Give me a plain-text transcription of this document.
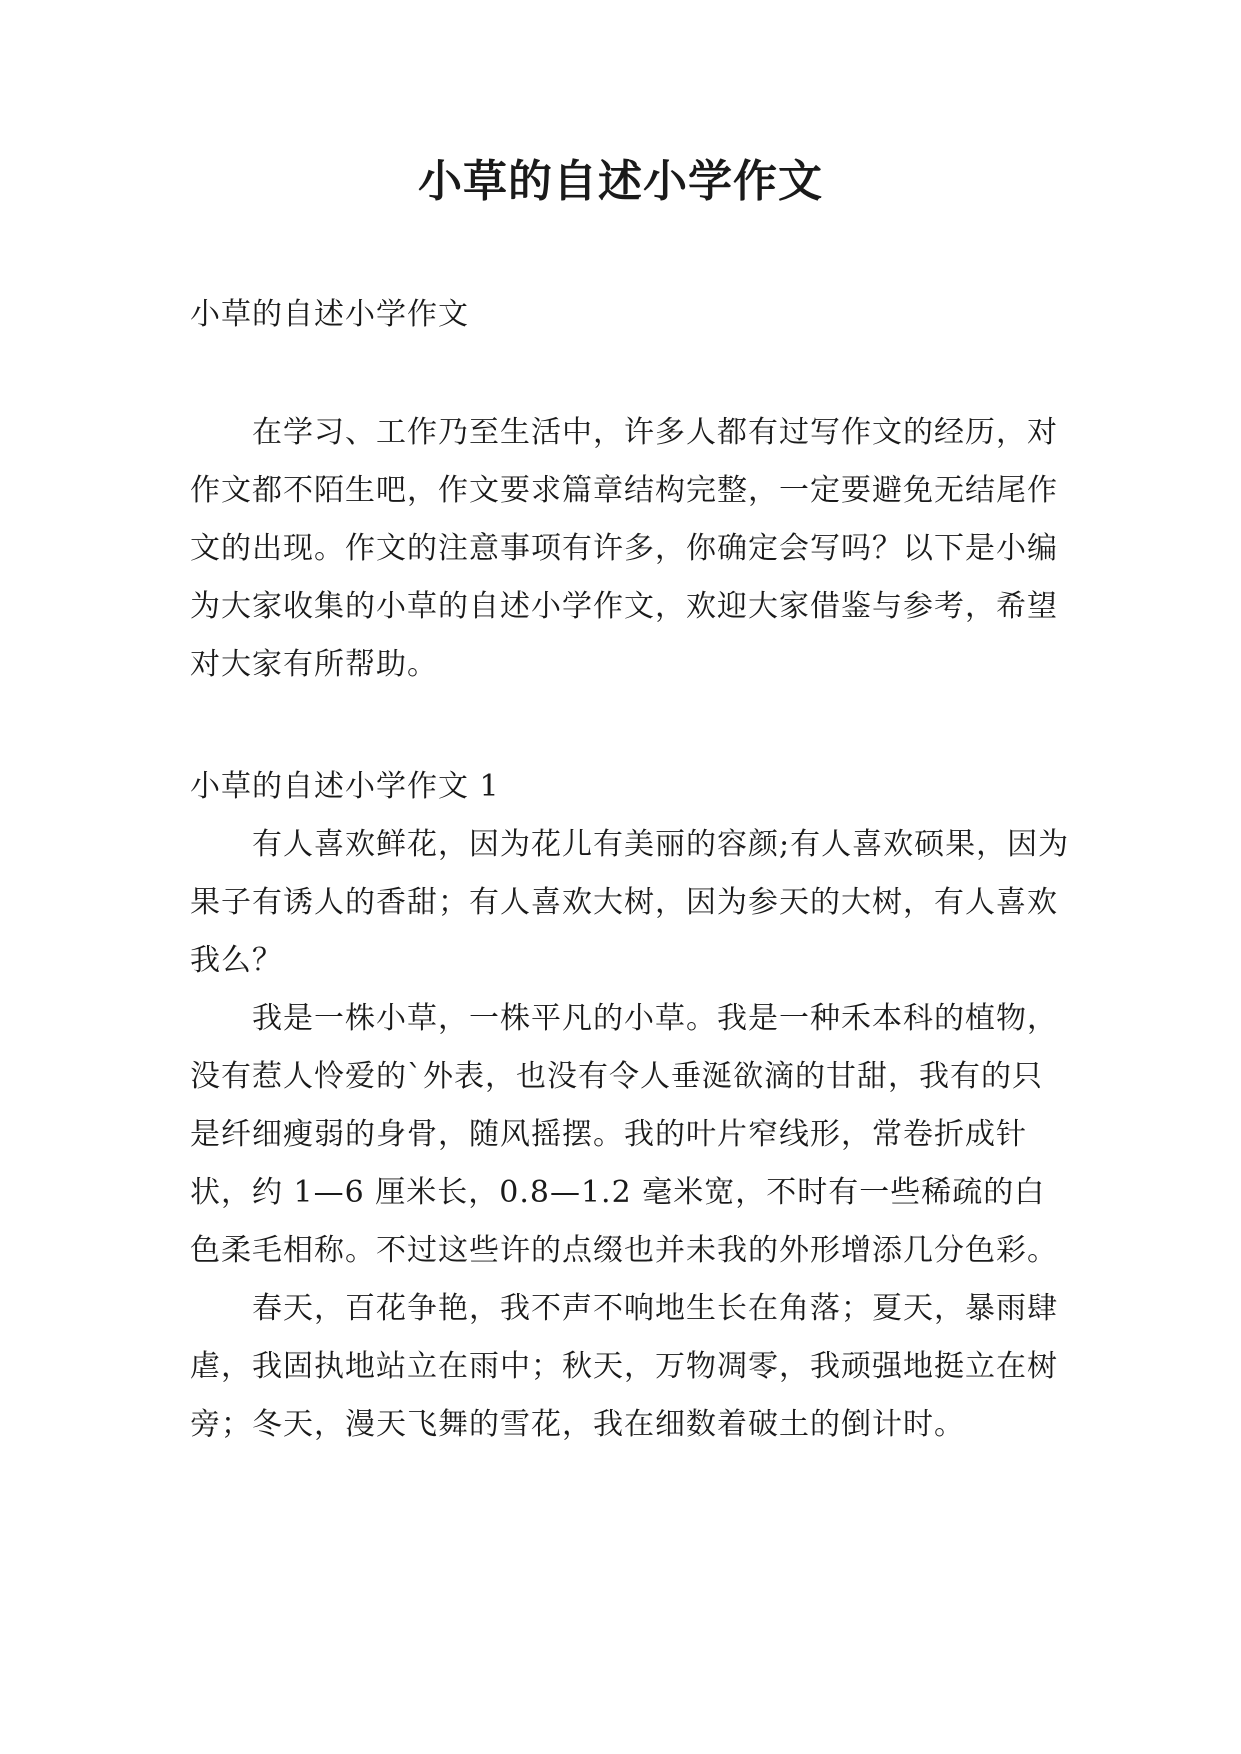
小草的自述小学作文

小草的自述小学作文

在学习、工作乃至生活中，许多人都有过写作文的经历，对作文都不陌生吧，作文要求篇章结构完整，一定要避免无结尾作文的出现。作文的注意事项有许多，你确定会写吗？以下是小编为大家收集的小草的自述小学作文，欢迎大家借鉴与参考，希望对大家有所帮助。

小草的自述小学作文 1

有人喜欢鲜花，因为花儿有美丽的容颜;有人喜欢硕果，因为果子有诱人的香甜；有人喜欢大树，因为参天的大树，有人喜欢我么？

我是一株小草，一株平凡的小草。我是一种禾本科的植物，没有惹人怜爱的`外表，也没有令人垂涎欲滴的甘甜，我有的只是纤细瘦弱的身骨，随风摇摆。我的叶片窄线形，常卷折成针状，约 1—6 厘米长，0.8—1.2 毫米宽，不时有一些稀疏的白色柔毛相称。不过这些许的点缀也并未我的外形增添几分色彩。

春天，百花争艳，我不声不响地生长在角落；夏天，暴雨肆虐，我固执地站立在雨中；秋天，万物凋零，我顽强地挺立在树旁；冬天，漫天飞舞的雪花，我在细数着破土的倒计时。
